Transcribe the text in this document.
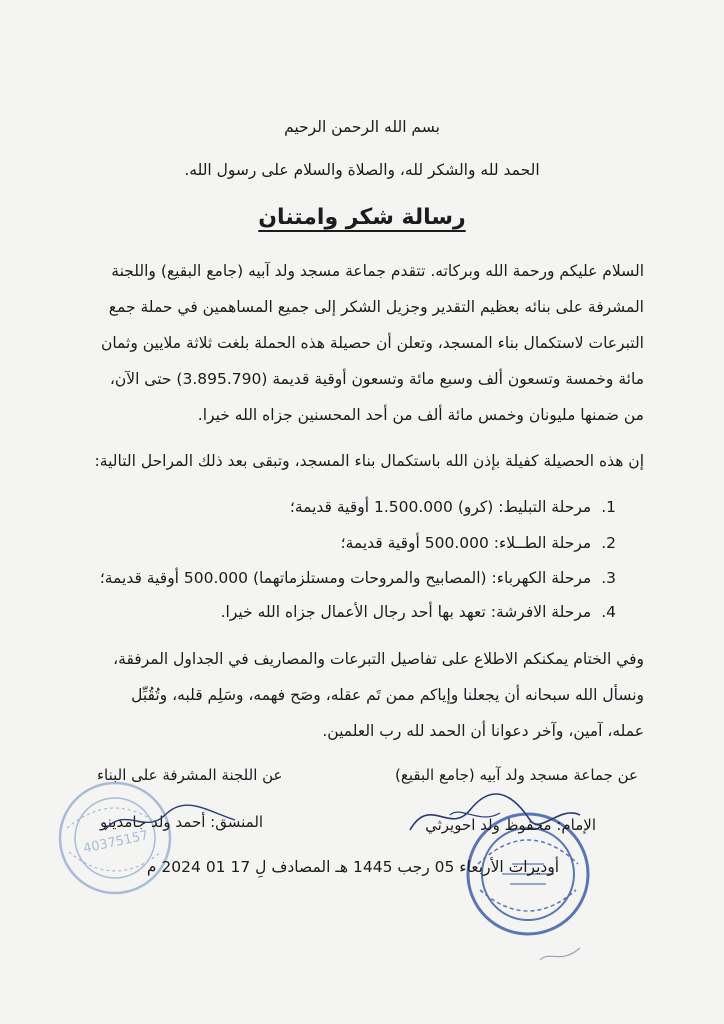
بسم الله الرحمن الرحيم
الحمد لله والشكر لله، والصلاة والسلام على رسول الله.
رسالة شكر وامتنان
السلام عليكم ورحمة الله وبركاته. تتقدم جماعة مسجد ولد آبيه (جامع البقيع) واللجنة
المشرفة على بنائه بعظيم التقدير وجزيل الشكر إلى جميع المساهمين في حملة جمع
التبرعات لاستكمال بناء المسجد، وتعلن أن حصيلة هذه الحملة بلغت ثلاثة ملايين وثمان
مائة وخمسة وتسعون ألف وسبع مائة وتسعون أوقية قديمة (3.895.790) حتى الآن،
من ضمنها مليونان وخمس مائة ألف من أحد المحسنين جزاه الله خيرا.
إن هذه الحصيلة كفيلة بإذن الله باستكمال بناء المسجد، وتبقى بعد ذلك المراحل التالية:
1.مرحلة التبليط: (كرو) 1.500.000 أوقية قديمة؛
2.مرحلة الطــلاء: 500.000 أوقية قديمة؛
3.مرحلة الكهرباء: (المصابيح والمروحات ومستلزماتهما) 500.000 أوقية قديمة؛
4.مرحلة الافرشة: تعهد بها أحد رجال الأعمال جزاه الله خيرا.
وفي الختام يمكنكم الاطلاع على تفاصيل التبرعات والمصاريف في الجداول المرفقة،
ونسأل الله سبحانه أن يجعلنا وإياكم ممن تَم عقله، وصَح فهمه، وسَلِم قلبه، وتُقُبِّل
عمله، آمين، وآخر دعوانا أن الحمد لله رب العلمين.
40375157
عن جماعة مسجد ولد آبيه (جامع البقيع)
عن اللجنة المشرفة على البناء
الإمام: محفوظ ولد احويرثي
المنسق: أحمد ولد جامدينو
أوديرات الأربعاء 05 رجب 1445 هـ المصادف لِ 17 01 2024 م
